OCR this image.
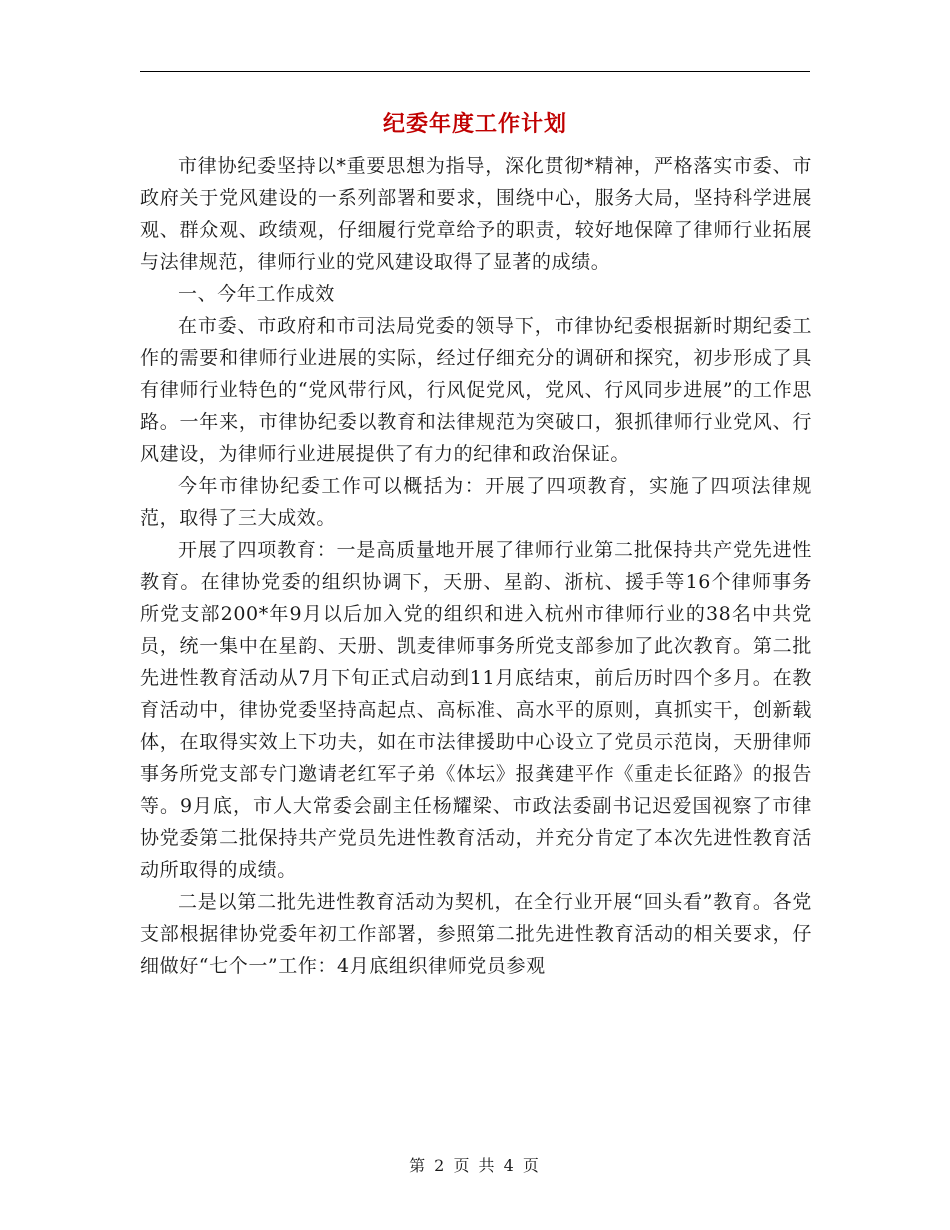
纪委年度工作计划

市律协纪委坚持以*重要思想为指导，深化贯彻*精神，严格落实市委、市政府关于党风建设的一系列部署和要求，围绕中心，服务大局，坚持科学进展观、群众观、政绩观，仔细履行党章给予的职责，较好地保障了律师行业拓展与法律规范，律师行业的党风建设取得了显著的成绩。

一、今年工作成效

在市委、市政府和市司法局党委的领导下，市律协纪委根据新时期纪委工作的需要和律师行业进展的实际，经过仔细充分的调研和探究，初步形成了具有律师行业特色的“党风带行风，行风促党风，党风、行风同步进展”的工作思路。一年来，市律协纪委以教育和法律规范为突破口，狠抓律师行业党风、行风建设，为律师行业进展提供了有力的纪律和政治保证。

今年市律协纪委工作可以概括为：开展了四项教育，实施了四项法律规范，取得了三大成效。

开展了四项教育：一是高质量地开展了律师行业第二批保持共产党先进性教育。在律协党委的组织协调下，天册、星韵、浙杭、援手等16个律师事务所党支部200*年9月以后加入党的组织和进入杭州市律师行业的38名中共党员，统一集中在星韵、天册、凯麦律师事务所党支部参加了此次教育。第二批先进性教育活动从7月下旬正式启动到11月底结束，前后历时四个多月。在教育活动中，律协党委坚持高起点、高标准、高水平的原则，真抓实干，创新载体，在取得实效上下功夫，如在市法律援助中心设立了党员示范岗，天册律师事务所党支部专门邀请老红军子弟《体坛》报龚建平作《重走长征路》的报告等。9月底，市人大常委会副主任杨耀梁、市政法委副书记迟爱国视察了市律协党委第二批保持共产党员先进性教育活动，并充分肯定了本次先进性教育活动所取得的成绩。

二是以第二批先进性教育活动为契机，在全行业开展“回头看”教育。各党支部根据律协党委年初工作部署，参照第二批先进性教育活动的相关要求，仔细做好“七个一”工作：4月底组织律师党员参观

第 2 页 共 4 页
